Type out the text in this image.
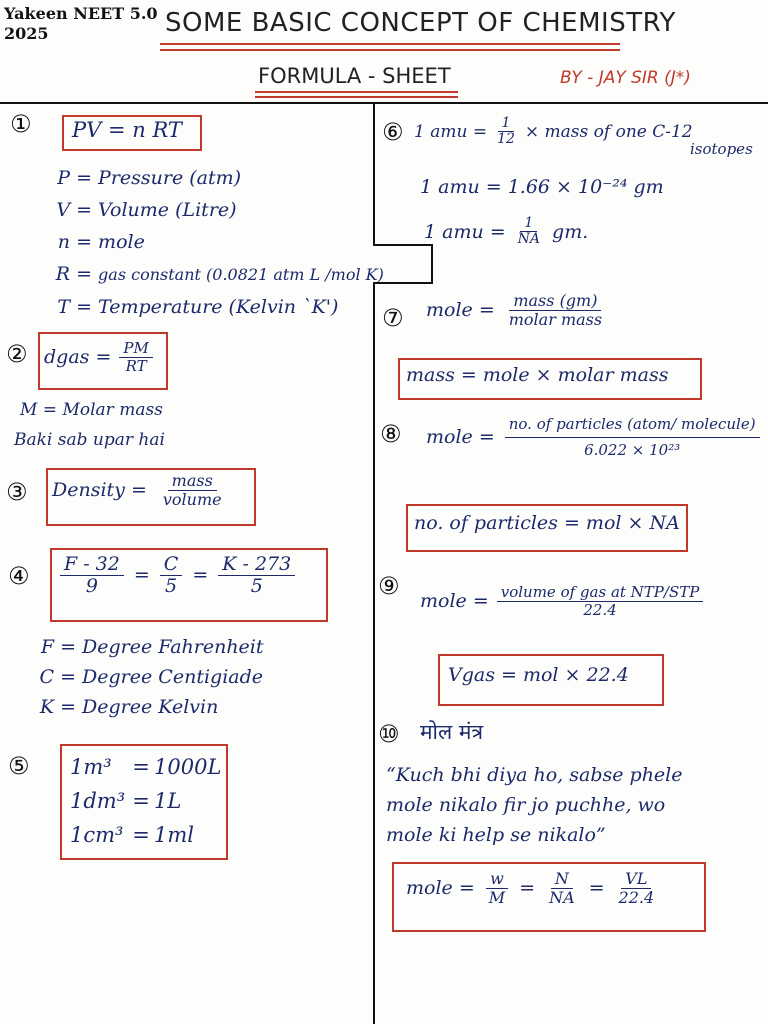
Yakeen NEET 5.0
2025	SOME BASIC CONCEPT OF CHEMISTRY
FORMULA - SHEET	BY - JAY SIR (J*)
① PV = n RT
P = Pressure (atm)
V = Volume (Litre)
n = mole
R = gas constant (0.0821 atm L /mol K)
T = Temperature (Kelvin `K')
② dgas = $\frac{PM}{RT}$
M = Molar mass
Baki sab upar hai
③ Density = $\frac{\text{mass}}{\text{volume}}$
④ $\frac{F - 32}{9} = \frac{C}{5} = \frac{K - 273}{5}$
F = Degree Fahrenheit
C = Degree Centigiade
K = Degree Kelvin
⑤ 1m³ = 1000L
1dm³ = 1L
1cm³ = 1ml
⑥ 1 amu = $\frac{1}{12}$ × mass of one C-12
isotopes
1 amu = 1.66 × 10⁻²⁴ gm
1 amu = $\frac{1}{NA}$ gm.
⑦ mole = $\frac{\text{mass (gm)}}{\text{molar mass}}$
mass = mole × molar mass
⑧ mole = $\frac{\text{no. of particles (atom/ molecule)}}{\text{6.022 × 10²³}}$
no. of particles = mol × NA
⑨
mole = $\frac{\text{volume of gas at NTP/STP}}{22.4}$
Vgas = mol × 22.4
⑩ मोल मंत्र
“Kuch bhi diya ho, sabse phele
mole nikalo fir jo puchhe, wo
mole ki help se nikalo”
mole = $\frac{w}{M} = \frac{N}{NA} = \frac{VL}{22.4}$
